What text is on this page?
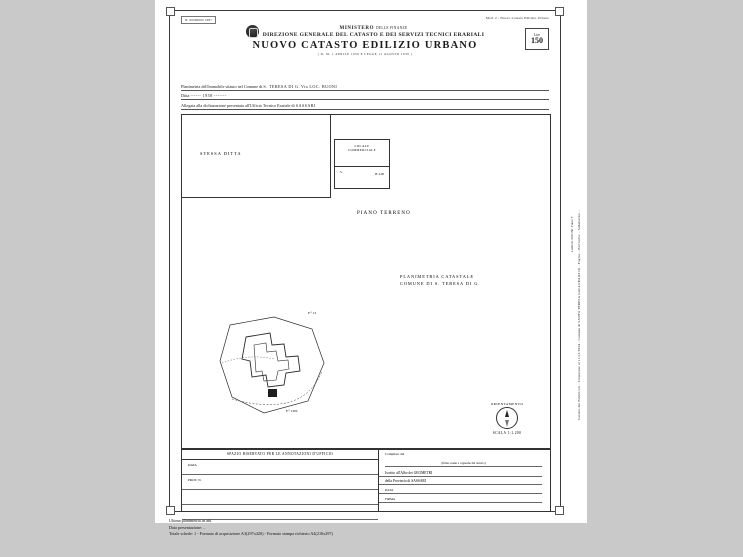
N. 00000000 1987	Mod. 2 - Nuovo Catasto Edilizio Urbano
MINISTERO DELLE FINANZE
DIREZIONE GENERALE DEL CATASTO E DEI SERVIZI TECNICI ERARIALI
NUOVO CATASTO EDILIZIO URBANO
( D. M. 1 APRILE 1939 E LEGGE 11 AGOSTO 1939 )
Lire
150
Planimetria dell'immobile sitauto nel Comune di S. TERESA DI G. Via LOC. BUONI
Ditta ------ 1958 -------
Allegata alla dichiarazione presentata all'Ufficio Tecnico Erariale di SASSARI
STESSA DITTA
LOCALE COMMERCIALE
S.	H. 4,00
PIANO TERRENO
PLANIMETRIA CATASTALE
COMUNE DI S. TERESA DI G.
F.° 13
F.° 130C
ORIENTAMENTO
SCALA 1:1.200
SPAZIO RISERVATO PER LE ANNOTAZIONI D'UFFICIO
DATA
PROT. N.
Compilato dal
(firma, nome e cognome del tecnico)
Iscritto all'Albo dei GEOMETRI
della Provincia di SASSARI
DATA
FIRMA
Catasto dei Fabbricati - Situazione al 11/12/2024 - Comune di SANTA TERESA GALLURA(I313) - Foglio: - Particella: - Subalterno: -
LARGO BUONI Piano T
Ultima planimetria in atti
Data presentazione: ..
Totale schede: 1 - Formato di acquisizione A3(297x420) - Formato stampa richiesto A4(210x297)
